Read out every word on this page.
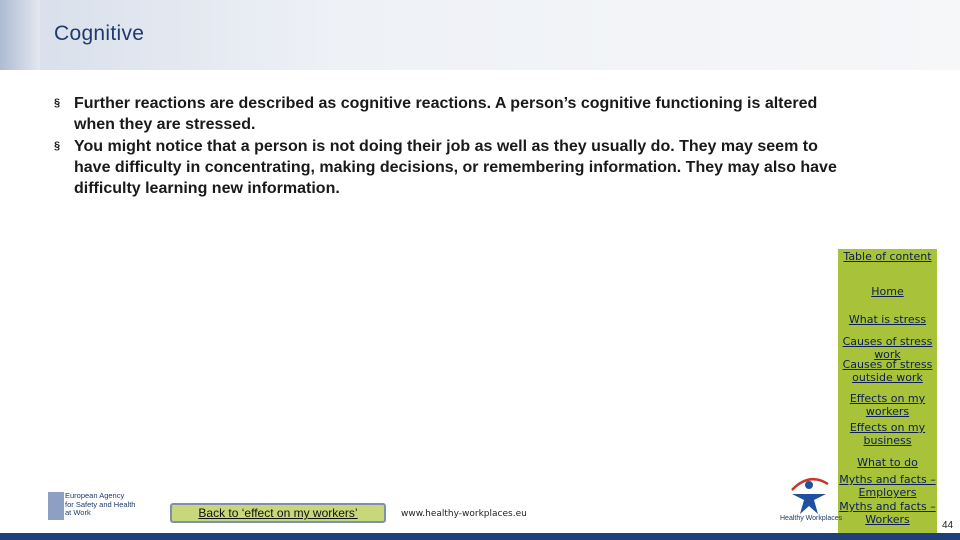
Cognitive
§ Further reactions are described as cognitive reactions. A person’s cognitive functioning is altered when they are stressed.
§ You might notice that a person is not doing their job as well as they usually do. They may seem to have difficulty in concentrating, making decisions, or remembering information. They may also have difficulty learning new information.
Table of content
Home
What is stress
Causes of stress work
Causes of stress outside work
Effects on my workers
Effects on my business
What to do
Myths and facts – Employers
Myths and facts – Workers
European Agency
for Safety and Health
at Work	Back to ‘effect on my workers’	www.healthy-workplaces.eu	Healthy Workplaces
44
